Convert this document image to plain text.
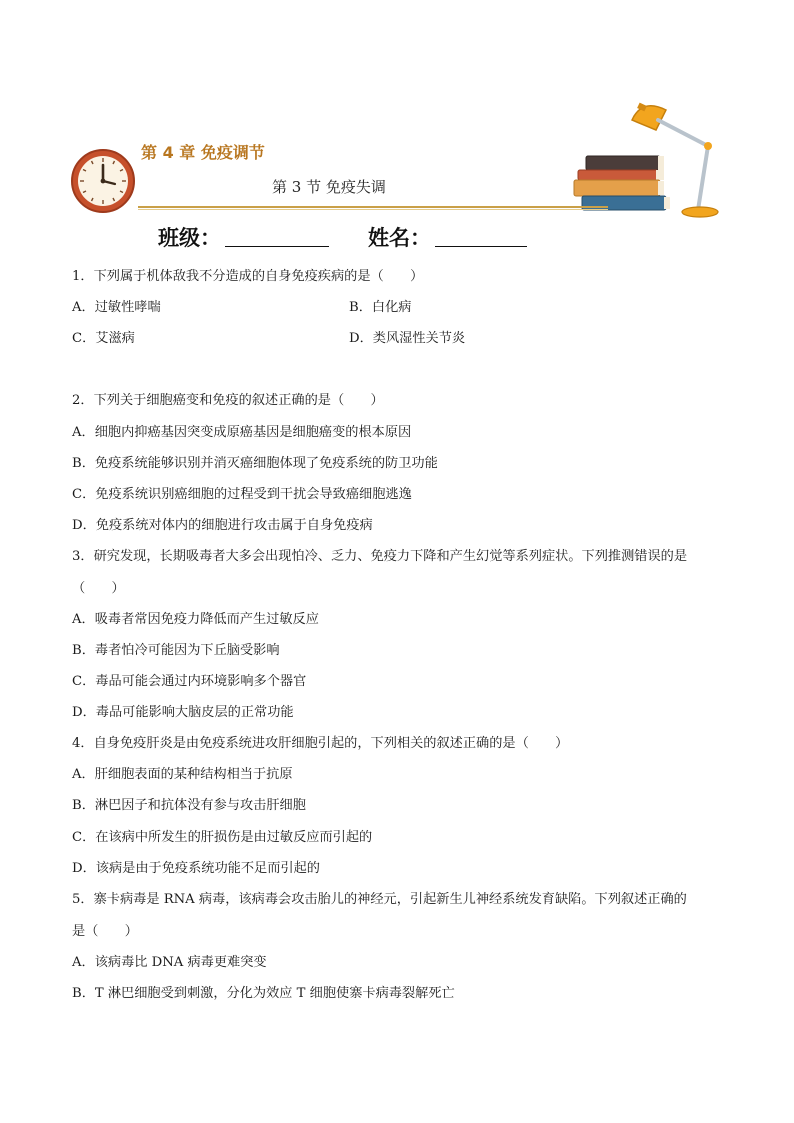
第 4 章 免疫调节
第 3 节 免疫失调
班级：	姓名：
1．下列属于机体敌我不分造成的自身免疫疾病的是（　　）
A．过敏性哮喘	B．白化病
C．艾滋病	D．类风湿性关节炎
2．下列关于细胞癌变和免疫的叙述正确的是（　　）
A．细胞内抑癌基因突变成原癌基因是细胞癌变的根本原因
B．免疫系统能够识别并消灭癌细胞体现了免疫系统的防卫功能
C．免疫系统识别癌细胞的过程受到干扰会导致癌细胞逃逸
D．免疫系统对体内的细胞进行攻击属于自身免疫病
3．研究发现，长期吸毒者大多会出现怕冷、乏力、免疫力下降和产生幻觉等系列症状。下列推测错误的是
（　　）
A．吸毒者常因免疫力降低而产生过敏反应
B．毒者怕冷可能因为下丘脑受影响
C．毒品可能会通过内环境影响多个器官
D．毒品可能影响大脑皮层的正常功能
4．自身免疫肝炎是由免疫系统进攻肝细胞引起的，下列相关的叙述正确的是（　　）
A．肝细胞表面的某种结构相当于抗原
B．淋巴因子和抗体没有参与攻击肝细胞
C．在该病中所发生的肝损伤是由过敏反应而引起的
D．该病是由于免疫系统功能不足而引起的
5．寨卡病毒是 RNA 病毒，该病毒会攻击胎儿的神经元，引起新生儿神经系统发育缺陷。下列叙述正确的
是（　　）
A．该病毒比 DNA 病毒更难突变
B．T 淋巴细胞受到刺激，分化为效应 T 细胞使寨卡病毒裂解死亡
